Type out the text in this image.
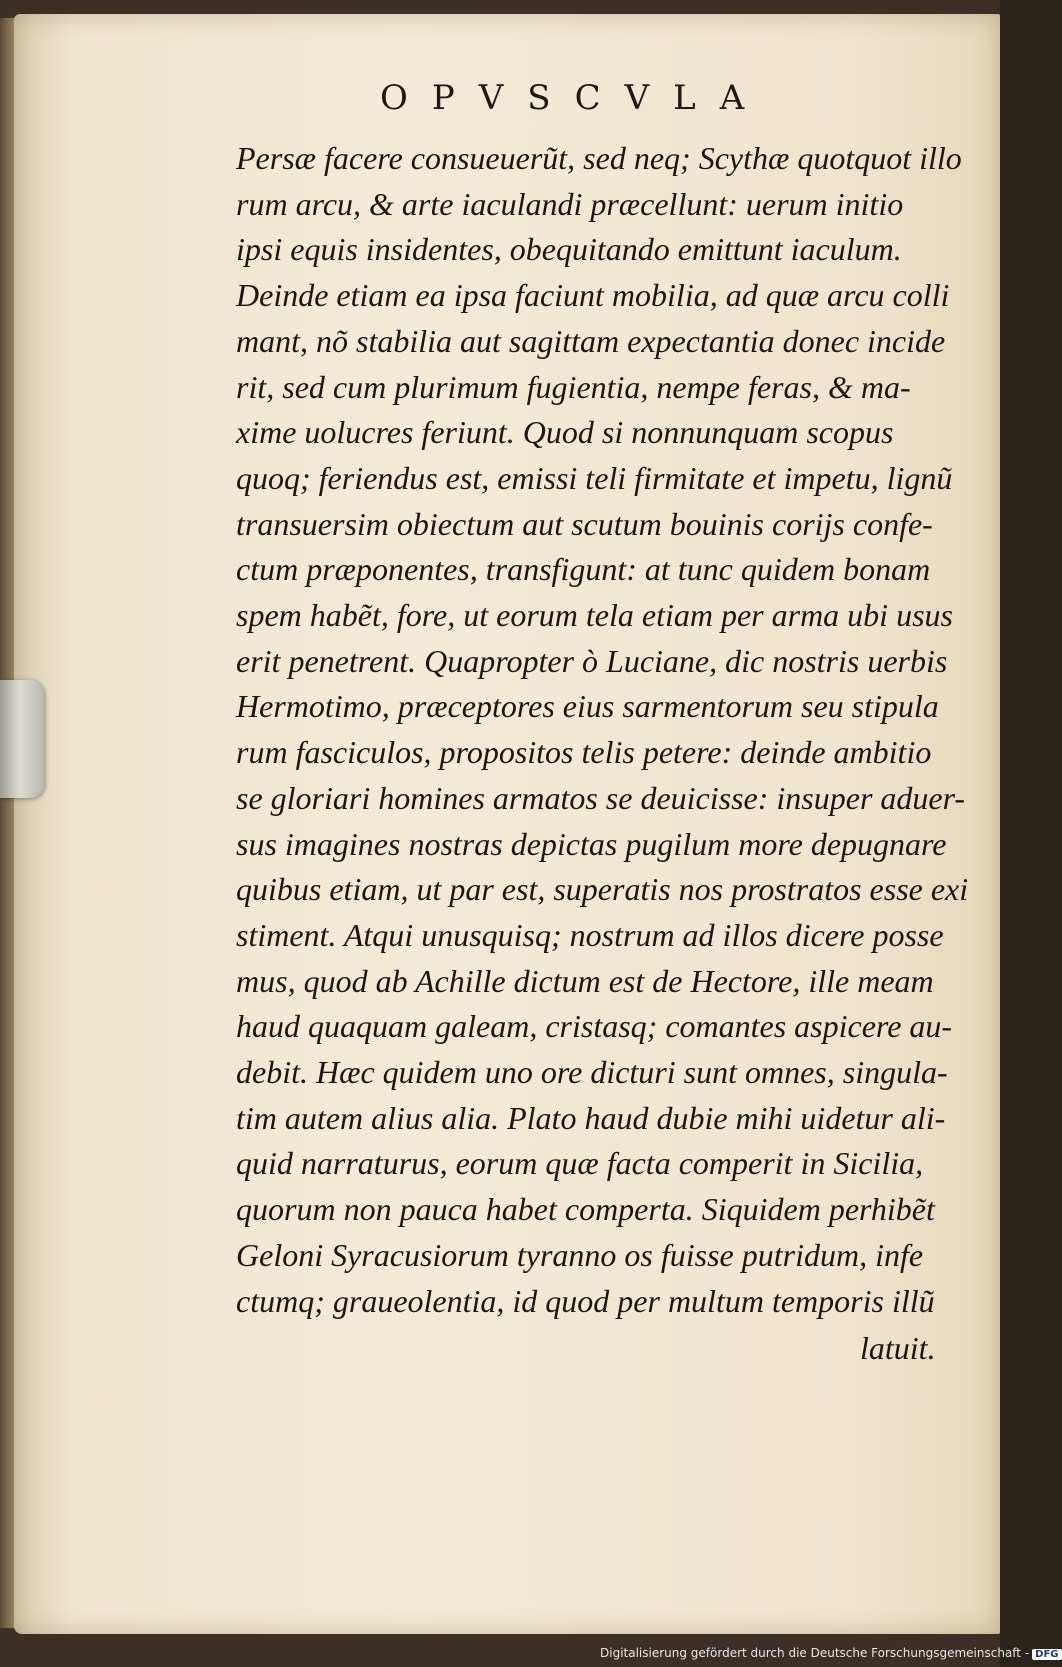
OPVSCVLA
Persæ facere consueuerũt, sed neq; Scythæ quotquot illo
rum arcu, & arte iaculandi præcellunt: uerum initio
ipsi equis insidentes, obequitando emittunt iaculum.
Deinde etiam ea ipsa faciunt mobilia, ad quæ arcu colli
mant, nõ stabilia aut sagittam expectantia donec incide
rit, sed cum plurimum fugientia, nempe feras, & ma-
xime uolucres feriunt. Quod si nonnunquam scopus
quoq; feriendus est, emissi teli firmitate et impetu, lignũ
transuersim obiectum aut scutum bouinis corijs confe-
ctum præponentes, transfigunt: at tunc quidem bonam
spem habẽt, fore, ut eorum tela etiam per arma ubi usus
erit penetrent. Quapropter ò Luciane, dic nostris uerbis
Hermotimo, præceptores eius sarmentorum seu stipula
rum fasciculos, propositos telis petere: deinde ambitio
se gloriari homines armatos se deuicisse: insuper aduer-
sus imagines nostras depictas pugilum more depugnare
quibus etiam, ut par est, superatis nos prostratos esse exi
stiment. Atqui unusquisq; nostrum ad illos dicere posse
mus, quod ab Achille dictum est de Hectore, ille meam
haud quaquam galeam, cristasq; comantes aspicere au-
debit. Hæc quidem uno ore dicturi sunt omnes, singula-
tim autem alius alia. Plato haud dubie mihi uidetur ali-
quid narraturus, eorum quæ facta comperit in Sicilia,
quorum non pauca habet comperta. Siquidem perhibẽt
Geloni Syracusiorum tyranno os fuisse putridum, infe
ctumq; graueolentia, id quod per multum temporis illũ
latuit.
Digitalisierung gefördert durch die Deutsche Forschungsgemeinschaft - DFG
